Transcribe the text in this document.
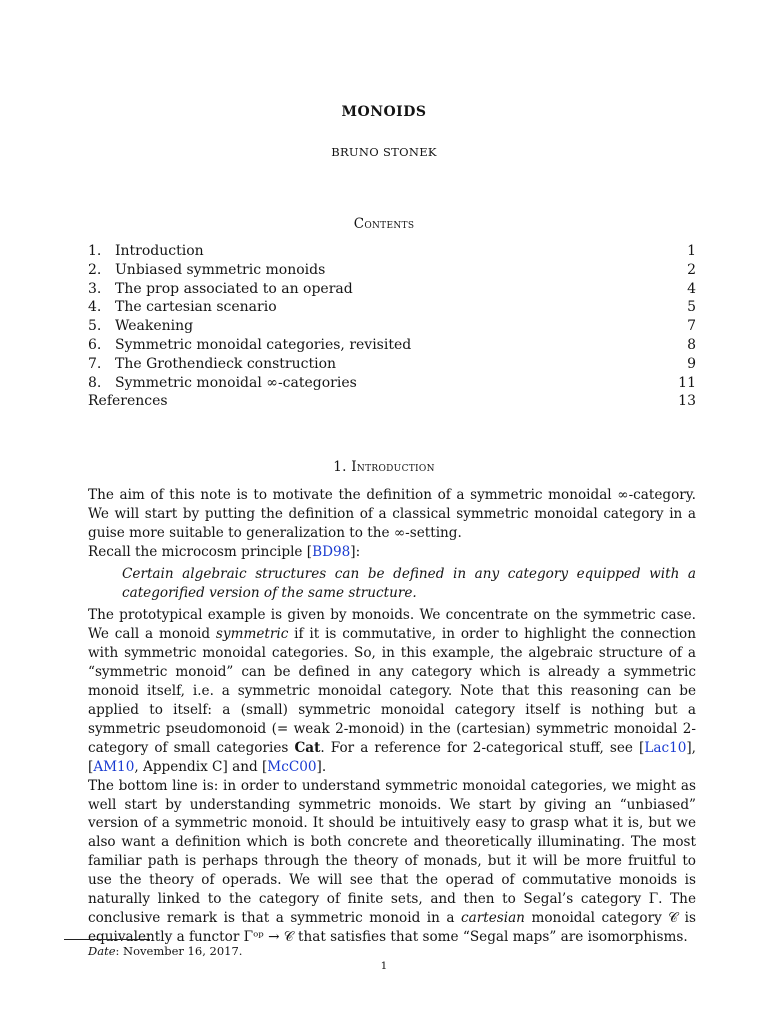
MONOIDS
BRUNO STONEK
Contents
1. Introduction	1
2. Unbiased symmetric monoids	2
3. The prop associated to an operad	4
4. The cartesian scenario	5
5. Weakening	7
6. Symmetric monoidal categories, revisited	8
7. The Grothendieck construction	9
8. Symmetric monoidal ∞-categories	11
References	13
1. Introduction

The aim of this note is to motivate the definition of a symmetric monoidal ∞-category. We will start by putting the definition of a classical symmetric monoidal category in a guise more suitable to generalization to the ∞-setting.

Recall the microcosm principle [BD98]:

Certain algebraic structures can be defined in any category equipped with a categorified version of the same structure.

The prototypical example is given by monoids. We concentrate on the symmetric case. We call a monoid symmetric if it is commutative, in order to highlight the connection with symmetric monoidal categories. So, in this example, the algebraic structure of a “symmetric monoid” can be defined in any category which is already a symmetric monoid itself, i.e. a symmetric monoidal category. Note that this reasoning can be applied to itself: a (small) symmetric monoidal category itself is nothing but a symmetric pseudomonoid (= weak 2-monoid) in the (cartesian) symmetric monoidal 2-category of small categories Cat. For a reference for 2-categorical stuff, see [Lac10], [AM10, Appendix C] and [McC00].

The bottom line is: in order to understand symmetric monoidal categories, we might as well start by understanding symmetric monoids. We start by giving an “unbiased” version of a symmetric monoid. It should be intuitively easy to grasp what it is, but we also want a definition which is both concrete and theoretically illuminating. The most familiar path is perhaps through the theory of monads, but it will be more fruitful to use the theory of operads. We will see that the operad of commutative monoids is naturally linked to the category of finite sets, and then to Segal’s category Γ. The conclusive remark is that a symmetric monoid in a cartesian monoidal category 𝒞 is equivalently a functor Γᵒᵖ → 𝒞 that satisfies that some “Segal maps” are isomorphisms.

Date: November 16, 2017.
1
